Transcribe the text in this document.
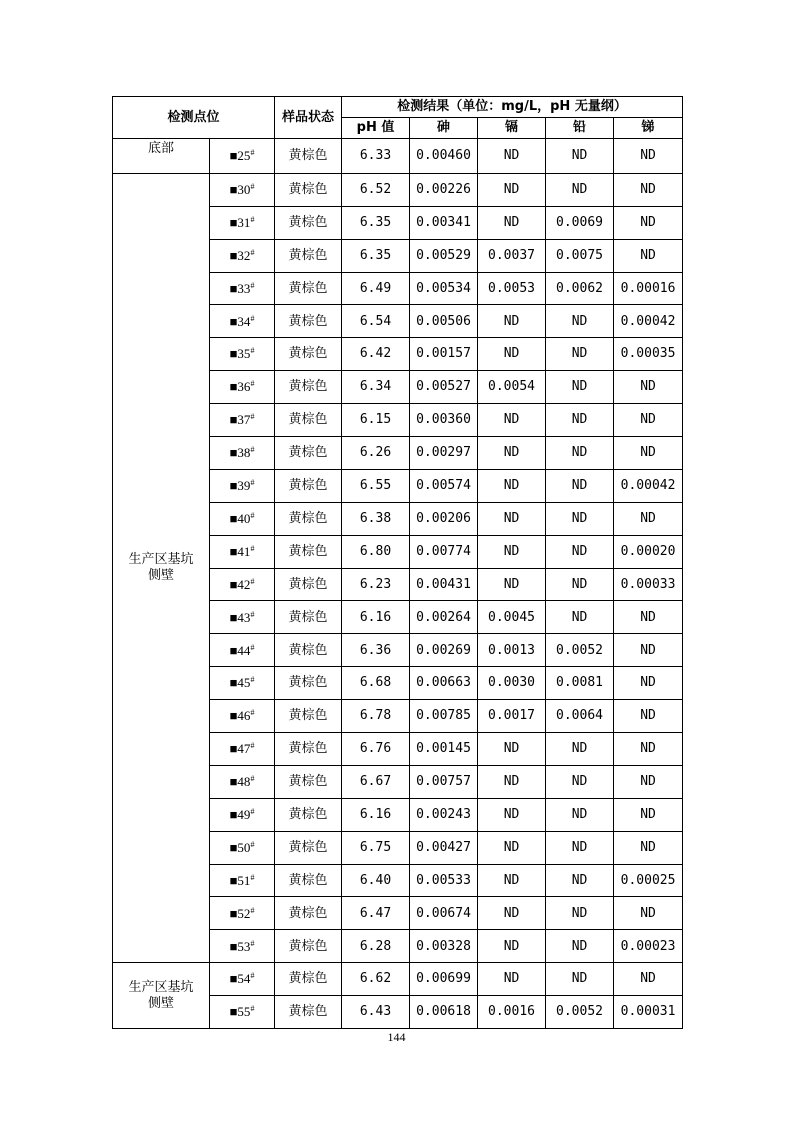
检测点位		样品状态	检测结果（单位：mg/L，pH 无量纲）				
			pH 值	砷	镉	铅	锑
底部	■25#	黄棕色	6.33	0.00460	ND	ND	ND
生产区基坑侧壁	■30#	黄棕色	6.52	0.00226	ND	ND	ND
	■31#	黄棕色	6.35	0.00341	ND	0.0069	ND
	■32#	黄棕色	6.35	0.00529	0.0037	0.0075	ND
	■33#	黄棕色	6.49	0.00534	0.0053	0.0062	0.00016
	■34#	黄棕色	6.54	0.00506	ND	ND	0.00042
	■35#	黄棕色	6.42	0.00157	ND	ND	0.00035
	■36#	黄棕色	6.34	0.00527	0.0054	ND	ND
	■37#	黄棕色	6.15	0.00360	ND	ND	ND
	■38#	黄棕色	6.26	0.00297	ND	ND	ND
	■39#	黄棕色	6.55	0.00574	ND	ND	0.00042
	■40#	黄棕色	6.38	0.00206	ND	ND	ND
	■41#	黄棕色	6.80	0.00774	ND	ND	0.00020
	■42#	黄棕色	6.23	0.00431	ND	ND	0.00033
	■43#	黄棕色	6.16	0.00264	0.0045	ND	ND
	■44#	黄棕色	6.36	0.00269	0.0013	0.0052	ND
	■45#	黄棕色	6.68	0.00663	0.0030	0.0081	ND
	■46#	黄棕色	6.78	0.00785	0.0017	0.0064	ND
	■47#	黄棕色	6.76	0.00145	ND	ND	ND
	■48#	黄棕色	6.67	0.00757	ND	ND	ND
	■49#	黄棕色	6.16	0.00243	ND	ND	ND
	■50#	黄棕色	6.75	0.00427	ND	ND	ND
	■51#	黄棕色	6.40	0.00533	ND	ND	0.00025
	■52#	黄棕色	6.47	0.00674	ND	ND	ND
	■53#	黄棕色	6.28	0.00328	ND	ND	0.00023
生产区基坑侧壁	■54#	黄棕色	6.62	0.00699	ND	ND	ND
	■55#	黄棕色	6.43	0.00618	0.0016	0.0052	0.00031
144
